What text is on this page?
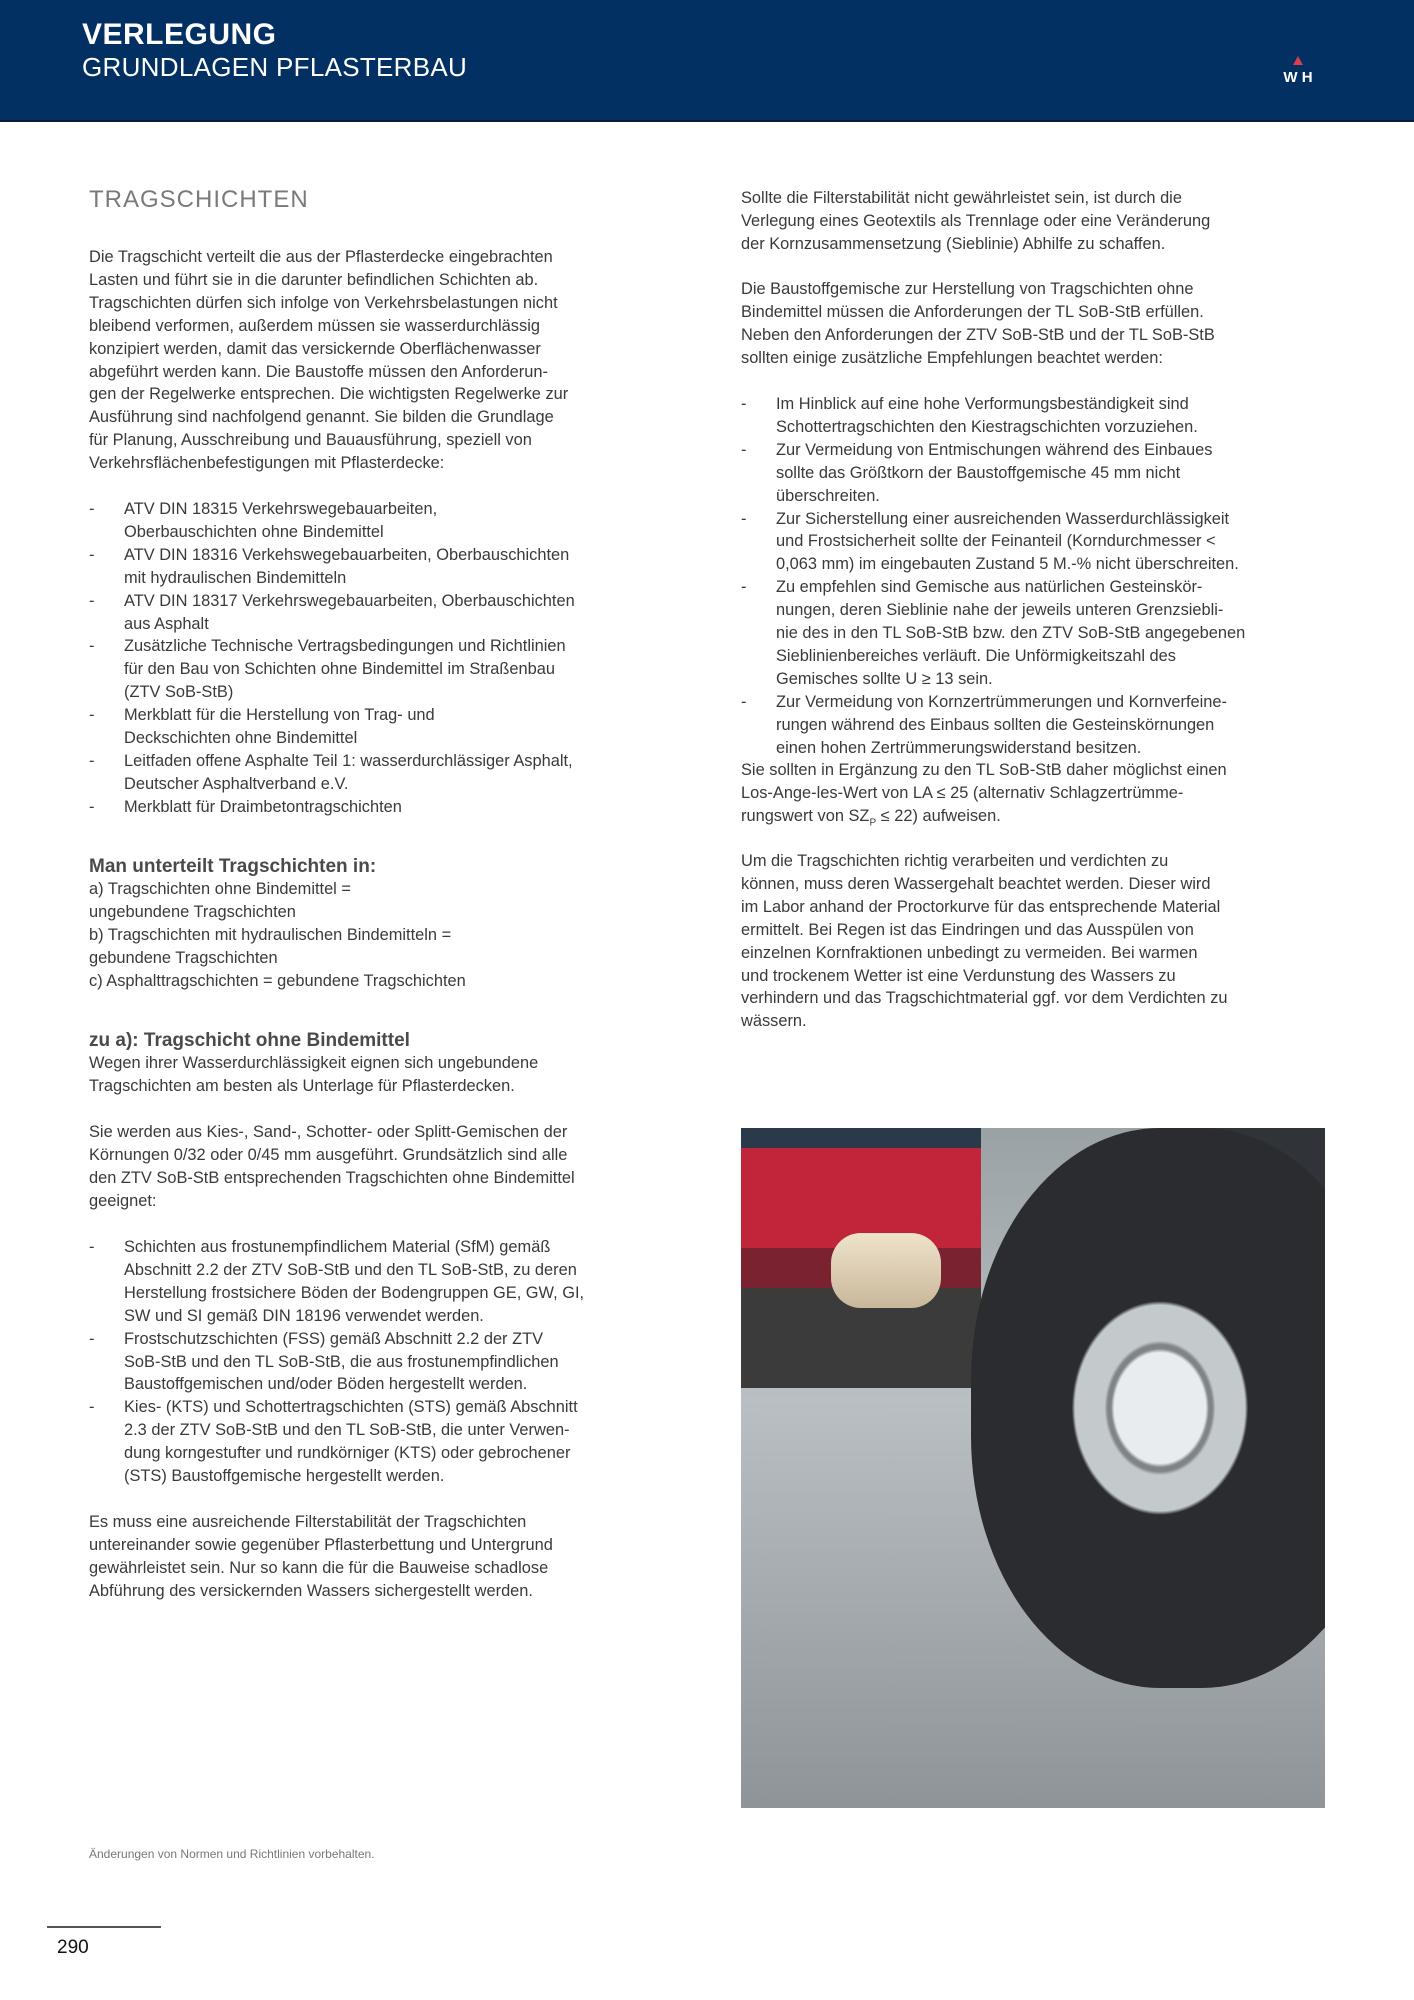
VERLEGUNG
GRUNDLAGEN PFLASTERBAU	W H
TRAGSCHICHTEN
Die Tragschicht verteilt die aus der Pflasterdecke eingebrachten
Lasten und führt sie in die darunter befindlichen Schichten ab.
Tragschichten dürfen sich infolge von Verkehrsbelastungen nicht
bleibend verformen, außerdem müssen sie wasserdurchlässig
konzipiert werden, damit das versickernde Oberflächenwasser
abgeführt werden kann. Die Baustoffe müssen den Anforderun-
gen der Regelwerke entsprechen. Die wichtigsten Regelwerke zur
Ausführung sind nachfolgend genannt. Sie bilden die Grundlage
für Planung, Ausschreibung und Bauausführung, speziell von
Verkehrsflächenbefestigungen mit Pflasterdecke:
- ATV DIN 18315 Verkehrswegebauarbeiten,
Oberbauschichten ohne Bindemittel
- ATV DIN 18316 Verkehswegebauarbeiten, Oberbauschichten
mit hydraulischen Bindemitteln
- ATV DIN 18317 Verkehrswegebauarbeiten, Oberbauschichten
aus Asphalt
- Zusätzliche Technische Vertragsbedingungen und Richtlinien
für den Bau von Schichten ohne Bindemittel im Straßenbau
(ZTV SoB-StB)
- Merkblatt für die Herstellung von Trag- und
Deckschichten ohne Bindemittel
- Leitfaden offene Asphalte Teil 1: wasserdurchlässiger Asphalt,
Deutscher Asphaltverband e.V.
- Merkblatt für Draimbetontragschichten
Man unterteilt Tragschichten in:
a) Tragschichten ohne Bindemittel =
ungebundene Tragschichten
b) Tragschichten mit hydraulischen Bindemitteln =
gebundene Tragschichten
c) Asphalttragschichten = gebundene Tragschichten
zu a): Tragschicht ohne Bindemittel
Wegen ihrer Wasserdurchlässigkeit eignen sich ungebundene
Tragschichten am besten als Unterlage für Pflasterdecken.
Sie werden aus Kies-, Sand-, Schotter- oder Splitt-Gemischen der
Körnungen 0/32 oder 0/45 mm ausgeführt. Grundsätzlich sind alle
den ZTV SoB-StB entsprechenden Tragschichten ohne Bindemittel
geeignet:
- Schichten aus frostunempfindlichem Material (SfM) gemäß
Abschnitt 2.2 der ZTV SoB-StB und den TL SoB-StB, zu deren
Herstellung frostsichere Böden der Bodengruppen GE, GW, GI,
SW und SI gemäß DIN 18196 verwendet werden.
- Frostschutzschichten (FSS) gemäß Abschnitt 2.2 der ZTV
SoB-StB und den TL SoB-StB, die aus frostunempfindlichen
Baustoffgemischen und/oder Böden hergestellt werden.
- Kies- (KTS) und Schottertragschichten (STS) gemäß Abschnitt
2.3 der ZTV SoB-StB und den TL SoB-StB, die unter Verwen-
dung korngestufter und rundkörniger (KTS) oder gebrochener
(STS) Baustoffgemische hergestellt werden.
Es muss eine ausreichende Filterstabilität der Tragschichten
untereinander sowie gegenüber Pflasterbettung und Untergrund
gewährleistet sein. Nur so kann die für die Bauweise schadlose
Abführung des versickernden Wassers sichergestellt werden.
Sollte die Filterstabilität nicht gewährleistet sein, ist durch die
Verlegung eines Geotextils als Trennlage oder eine Veränderung
der Kornzusammensetzung (Sieblinie) Abhilfe zu schaffen.
Die Baustoffgemische zur Herstellung von Tragschichten ohne
Bindemittel müssen die Anforderungen der TL SoB-StB erfüllen.
Neben den Anforderungen der ZTV SoB-StB und der TL SoB-StB
sollten einige zusätzliche Empfehlungen beachtet werden:
- Im Hinblick auf eine hohe Verformungsbeständigkeit sind
Schottertragschichten den Kiestragschichten vorzuziehen.
- Zur Vermeidung von Entmischungen während des Einbaues
sollte das Größtkorn der Baustoffgemische 45 mm nicht
überschreiten.
- Zur Sicherstellung einer ausreichenden Wasserdurchlässigkeit
und Frostsicherheit sollte der Feinanteil (Korndurchmesser <
0,063 mm) im eingebauten Zustand 5 M.-% nicht überschreiten.
- Zu empfehlen sind Gemische aus natürlichen Gesteinskör-
nungen, deren Sieblinie nahe der jeweils unteren Grenzsiebli-
nie des in den TL SoB-StB bzw. den ZTV SoB-StB angegebenen
Sieblinienbereiches verläuft. Die Unförmigkeitszahl des
Gemisches sollte U ≥ 13 sein.
- Zur Vermeidung von Kornzertrümmerungen und Kornverfeine-
rungen während des Einbaus sollten die Gesteinskörnungen
einen hohen Zertrümmerungswiderstand besitzen.
Sie sollten in Ergänzung zu den TL SoB-StB daher möglichst einen
Los-Ange-les-Wert von LA ≤ 25 (alternativ Schlagzertrümme-
rungswert von $SZ_P \le 22$) aufweisen.
Um die Tragschichten richtig verarbeiten und verdichten zu
können, muss deren Wassergehalt beachtet werden. Dieser wird
im Labor anhand der Proctorkurve für das entsprechende Material
ermittelt. Bei Regen ist das Eindringen und das Ausspülen von
einzelnen Kornfraktionen unbedingt zu vermeiden. Bei warmen
und trockenem Wetter ist eine Verdunstung des Wassers zu
verhindern und das Tragschichtmaterial ggf. vor dem Verdichten zu
wässern.
Änderungen von Normen und Richtlinien vorbehalten.
290
